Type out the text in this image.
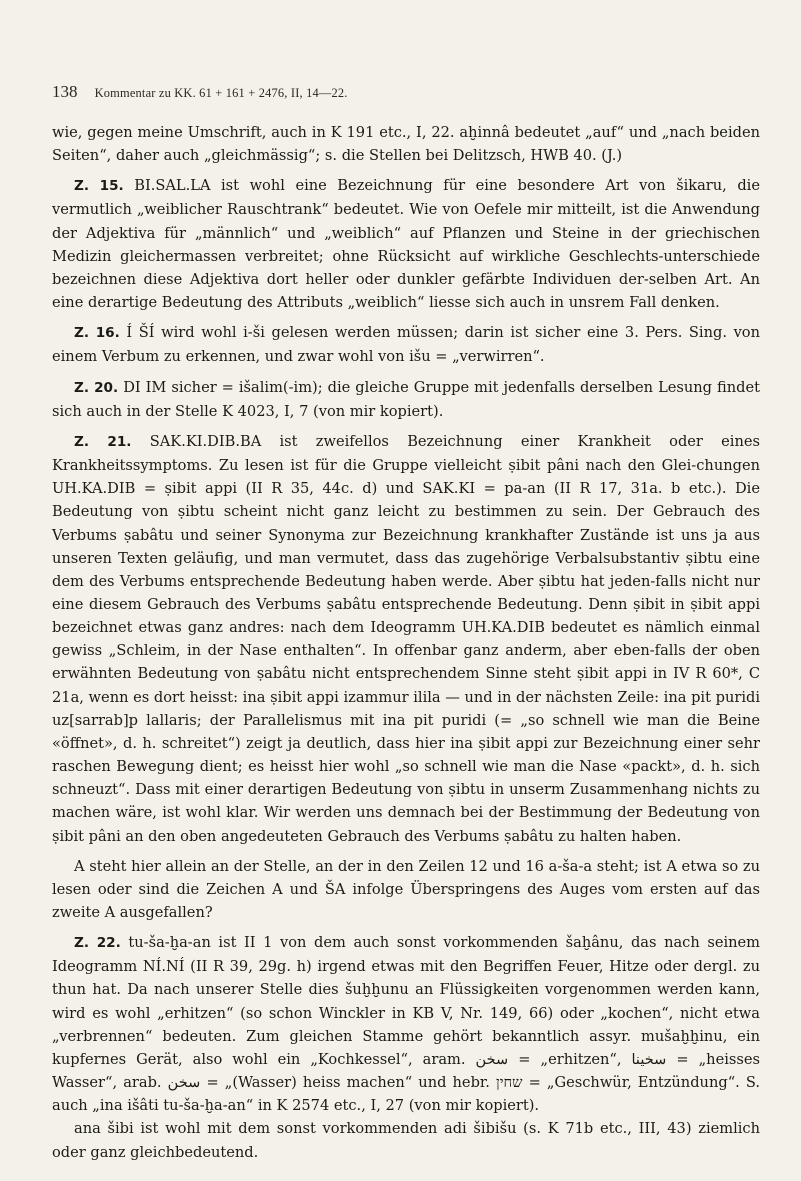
138 Kommentar zu KK. 61 + 161 + 2476, II, 14—22.

wie, gegen meine Umschrift, auch in K 191 etc., I, 22. aḫinnâ bedeutet „auf“ und „nach beiden Seiten“, daher auch „gleichmässig“; s. die Stellen bei Delitzsch, HWB 40. (J.)

Z. 15. BI.SAL.LA ist wohl eine Bezeichnung für eine besondere Art von šikaru, die vermutlich „weiblicher Rauschtrank“ bedeutet. Wie von Oefele mir mitteilt, ist die Anwendung der Adjektiva für „männlich“ und „weiblich“ auf Pflanzen und Steine in der griechischen Medizin gleichermassen verbreitet; ohne Rücksicht auf wirkliche Geschlechts-unterschiede bezeichnen diese Adjektiva dort heller oder dunkler gefärbte Individuen der-selben Art. An eine derartige Bedeutung des Attributs „weiblich“ liesse sich auch in unsrem Fall denken.

Z. 16. Í ŠÍ wird wohl i-ši gelesen werden müssen; darin ist sicher eine 3. Pers. Sing. von einem Verbum zu erkennen, und zwar wohl von išu = „verwirren“.

Z. 20. DI IM sicher = išalim(-im); die gleiche Gruppe mit jedenfalls derselben Lesung findet sich auch in der Stelle K 4023, I, 7 (von mir kopiert).

Z. 21. SAK.KI.DIB.BA ist zweifellos Bezeichnung einer Krankheit oder eines Krankheitssymptoms. Zu lesen ist für die Gruppe vielleicht ṣibit pâni nach den Glei-chungen UH.KA.DIB = ṣibit appi (II R 35, 44c. d) und SAK.KI = pa-an (II R 17, 31a. b etc.). Die Bedeutung von ṣibtu scheint nicht ganz leicht zu bestimmen zu sein. Der Gebrauch des Verbums ṣabâtu und seiner Synonyma zur Bezeichnung krankhafter Zustände ist uns ja aus unseren Texten geläufig, und man vermutet, dass das zugehörige Verbalsubstantiv ṣibtu eine dem des Verbums entsprechende Bedeutung haben werde. Aber ṣibtu hat jeden-falls nicht nur eine diesem Gebrauch des Verbums ṣabâtu entsprechende Bedeutung. Denn ṣibit in ṣibit appi bezeichnet etwas ganz andres: nach dem Ideogramm UH.KA.DIB bedeutet es nämlich einmal gewiss „Schleim, in der Nase enthalten“. In offenbar ganz anderm, aber eben-falls der oben erwähnten Bedeutung von ṣabâtu nicht entsprechendem Sinne steht ṣibit appi in IV R 60*, C 21a, wenn es dort heisst: ina ṣibit appi izammur ilila — und in der nächsten Zeile: ina pit puridi uz[sarrab]p lallaris; der Parallelismus mit ina pit puridi (= „so schnell wie man die Beine «öffnet», d. h. schreitet“) zeigt ja deutlich, dass hier ina ṣibit appi zur Bezeichnung einer sehr raschen Bewegung dient; es heisst hier wohl „so schnell wie man die Nase «packt», d. h. sich schneuzt“. Dass mit einer derartigen Bedeutung von ṣibtu in unserm Zusammenhang nichts zu machen wäre, ist wohl klar. Wir werden uns demnach bei der Bestimmung der Bedeutung von ṣibit pâni an den oben angedeuteten Gebrauch des Verbums ṣabâtu zu halten haben.

A steht hier allein an der Stelle, an der in den Zeilen 12 und 16 a-ša-a steht; ist A etwa so zu lesen oder sind die Zeichen A und ŠA infolge Überspringens des Auges vom ersten auf das zweite A ausgefallen?

Z. 22. tu-ša-ḫa-an ist II 1 von dem auch sonst vorkommenden šaḫânu, das nach seinem Ideogramm NÍ.NÍ (II R 39, 29g. h) irgend etwas mit den Begriffen Feuer, Hitze oder dergl. zu thun hat. Da nach unserer Stelle dies šuḫḫunu an Flüssigkeiten vorgenommen werden kann, wird es wohl „erhitzen“ (so schon Winckler in KB V, Nr. 149, 66) oder „kochen“, nicht etwa „verbrennen“ bedeuten. Zum gleichen Stamme gehört bekanntlich assyr. mušaḫḫinu, ein kupfernes Gerät, also wohl ein „Kochkessel“, aram. سخن = „erhitzen“, سخينا = „heisses Wasser“, arab. سخن = „(Wasser) heiss machen“ und hebr. שחין = „Geschwür, Entzündung“. S. auch „ina išâti tu-ša-ḫa-an“ in K 2574 etc., I, 27 (von mir kopiert).

ana šibi ist wohl mit dem sonst vorkommenden adi šibišu (s. K 71b etc., III, 43) ziemlich oder ganz gleichbedeutend.
